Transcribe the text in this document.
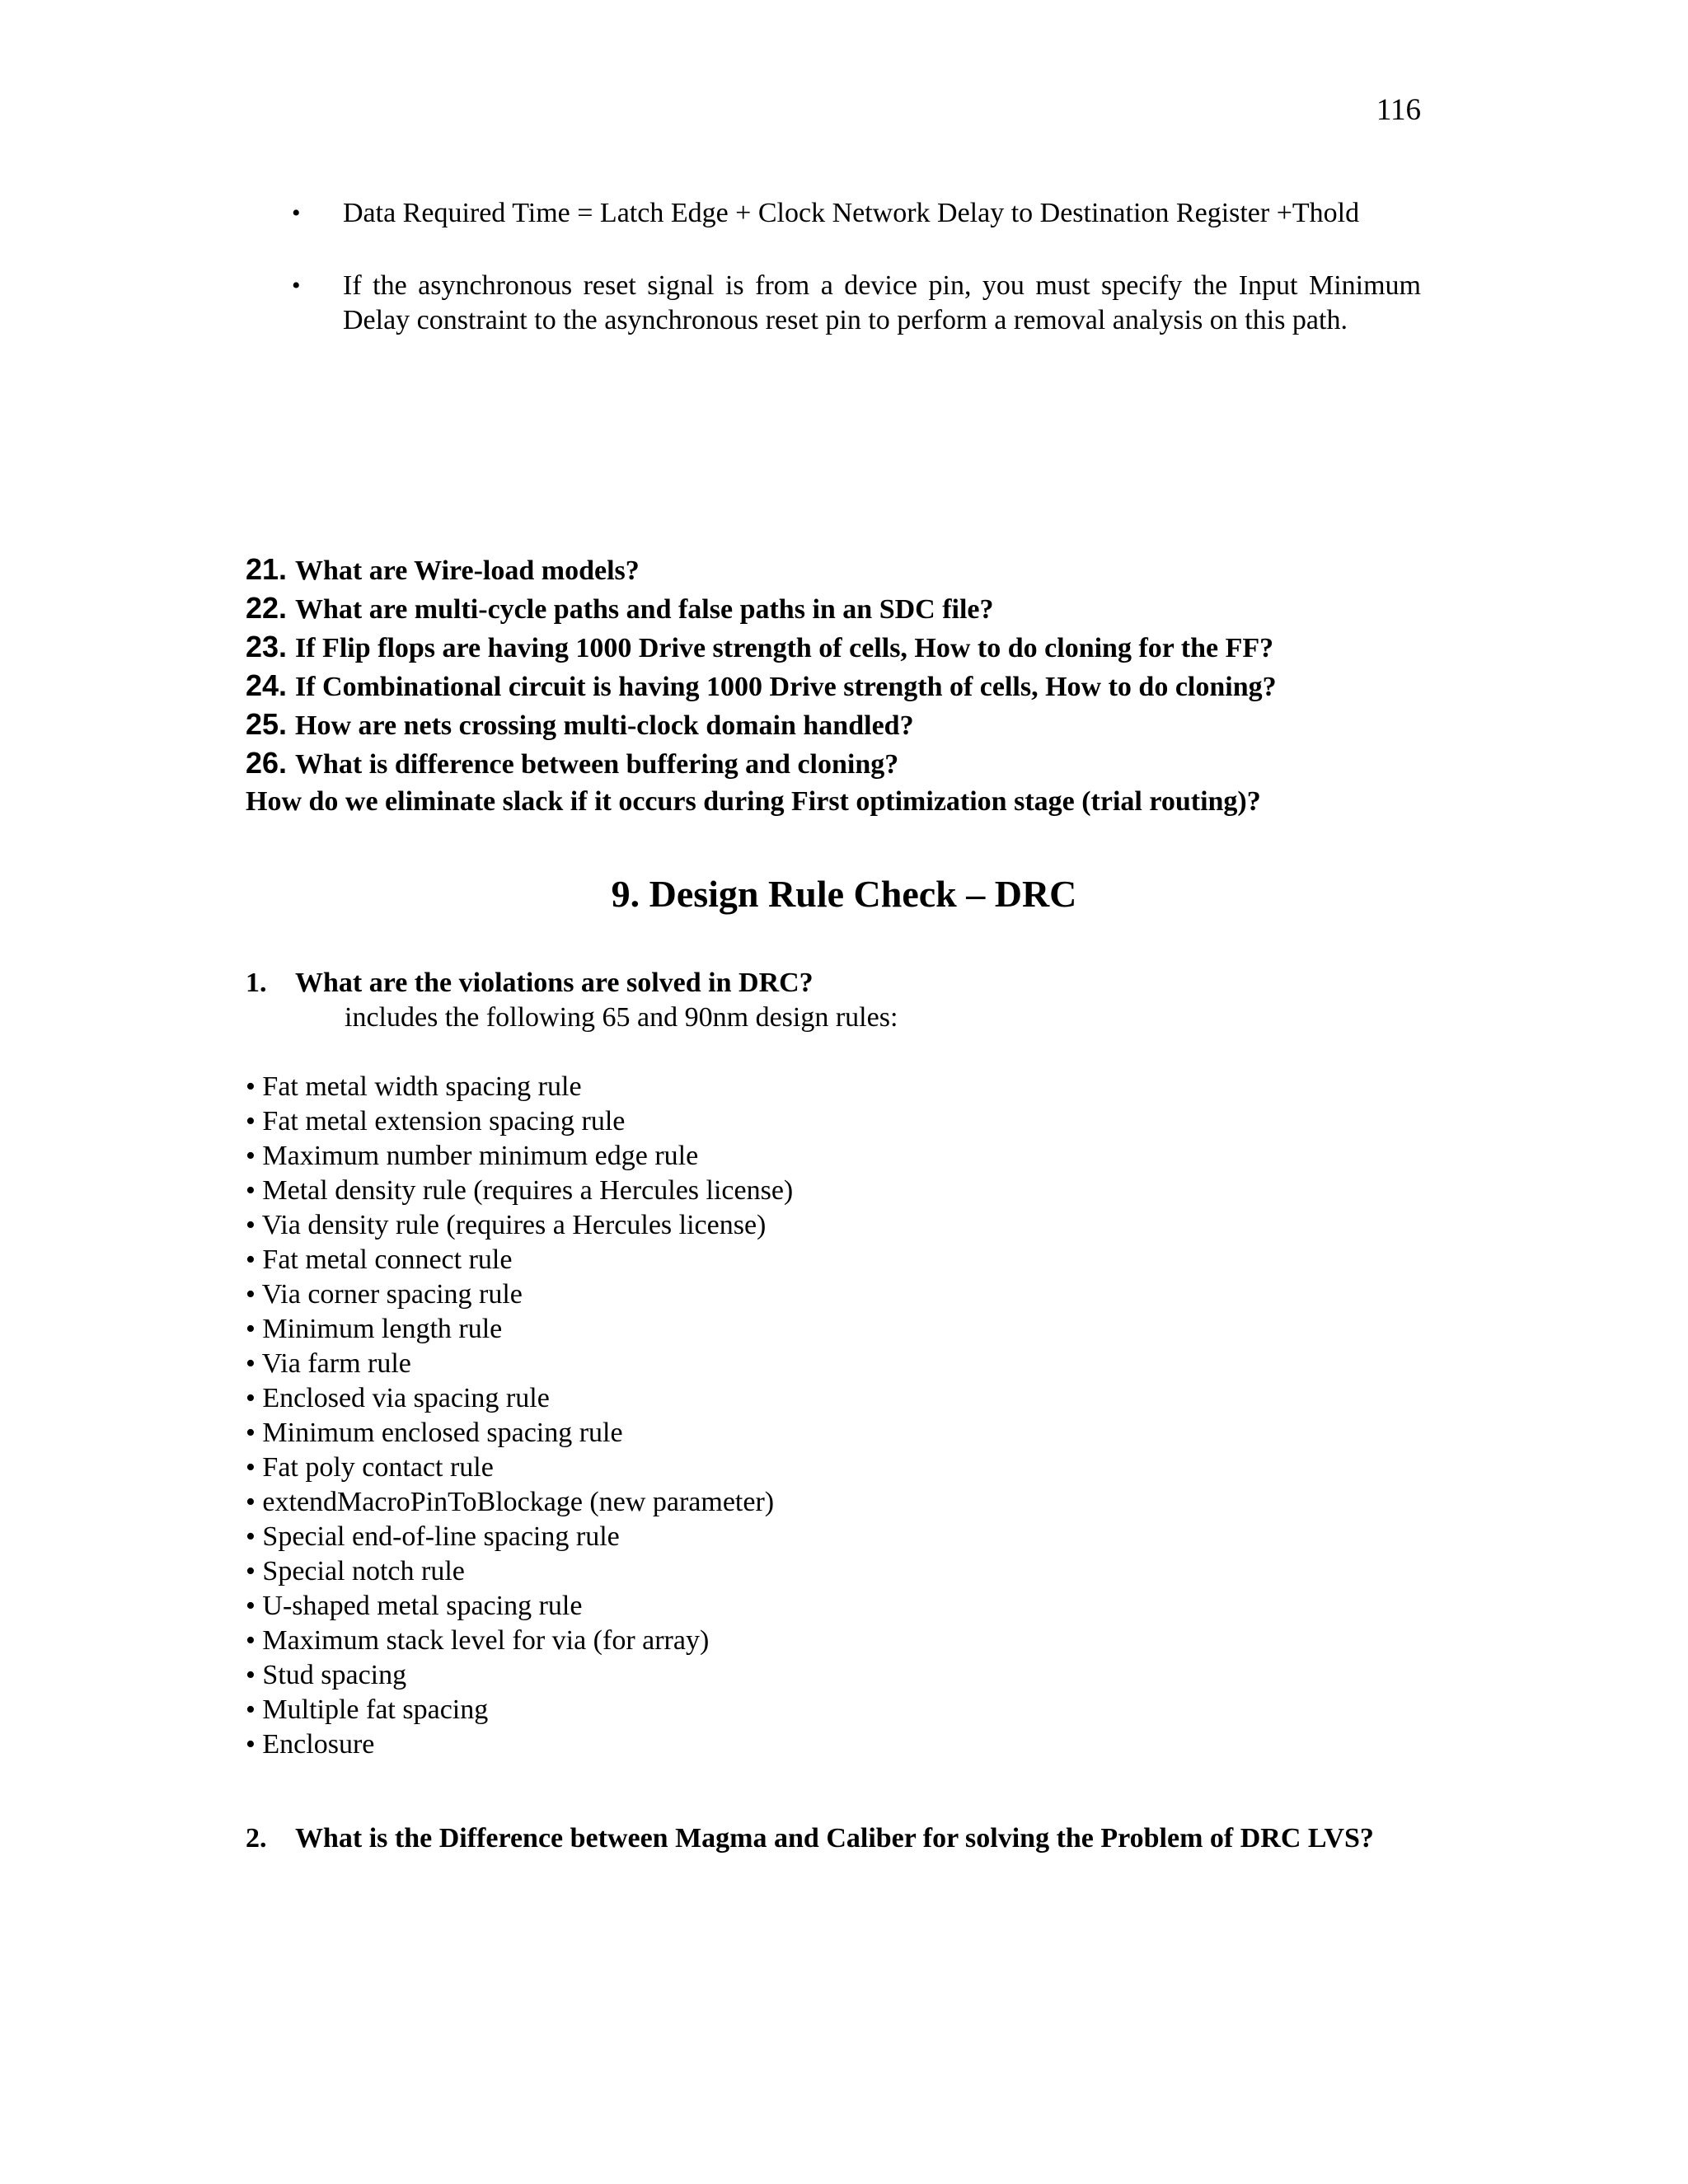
116
• Data Required Time = Latch Edge + Clock Network Delay to Destination Register +Thold
• If the asynchronous reset signal is from a device pin, you must specify the Input Minimum Delay constraint to the asynchronous reset pin to perform a removal analysis on this path.
21. What are Wire-load models?
22. What are multi-cycle paths and false paths in an SDC file?
23. If Flip flops are having 1000 Drive strength of cells, How to do cloning for the FF?
24. If Combinational circuit is having 1000 Drive strength of cells, How to do cloning?
25. How are nets crossing multi-clock domain handled?
26. What is difference between buffering and cloning?
How do we eliminate slack if it occurs during First optimization stage (trial routing)?
9. Design Rule Check – DRC
1. What are the violations are solved in DRC?
includes the following 65 and 90nm design rules:
• Fat metal width spacing rule
• Fat metal extension spacing rule
• Maximum number minimum edge rule
• Metal density rule (requires a Hercules license)
• Via density rule (requires a Hercules license)
• Fat metal connect rule
• Via corner spacing rule
• Minimum length rule
• Via farm rule
• Enclosed via spacing rule
• Minimum enclosed spacing rule
• Fat poly contact rule
• extendMacroPinToBlockage (new parameter)
• Special end-of-line spacing rule
• Special notch rule
• U-shaped metal spacing rule
• Maximum stack level for via (for array)
• Stud spacing
• Multiple fat spacing
• Enclosure
2. What is the Difference between Magma and Caliber for solving the Problem of DRC LVS?
